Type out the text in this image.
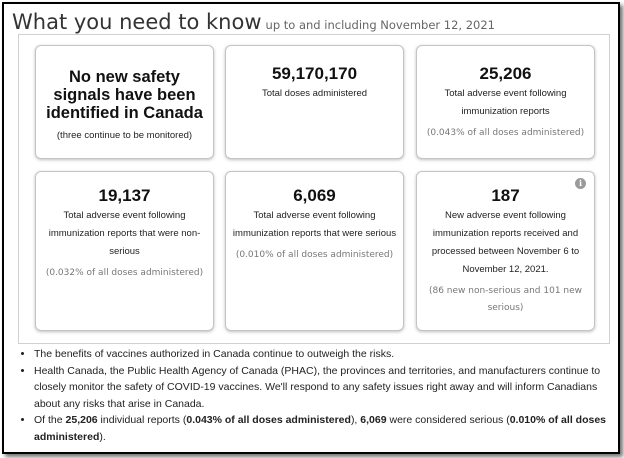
What you need to know up to and including November 12, 2021
No new safety signals have been identified in Canada
(three continue to be monitored)
59,170,170
Total doses administered
25,206
Total adverse event following immunization reports
(0.043% of all doses administered)
19,137
Total adverse event following immunization reports that were non-serious
(0.032% of all doses administered)
6,069
Total adverse event following immunization reports that were serious
(0.010% of all doses administered)
i
187
New adverse event following immunization reports received and processed between November 6 to November 12, 2021.
(86 new non-serious and 101 new serious)
• The benefits of vaccines authorized in Canada continue to outweigh the risks.
• Health Canada, the Public Health Agency of Canada (PHAC), the provinces and territories, and manufacturers continue to closely monitor the safety of COVID-19 vaccines. We'll respond to any safety issues right away and will inform Canadians about any risks that arise in Canada.
• Of the 25,206 individual reports (0.043% of all doses administered), 6,069 were considered serious (0.010% of all doses administered).
